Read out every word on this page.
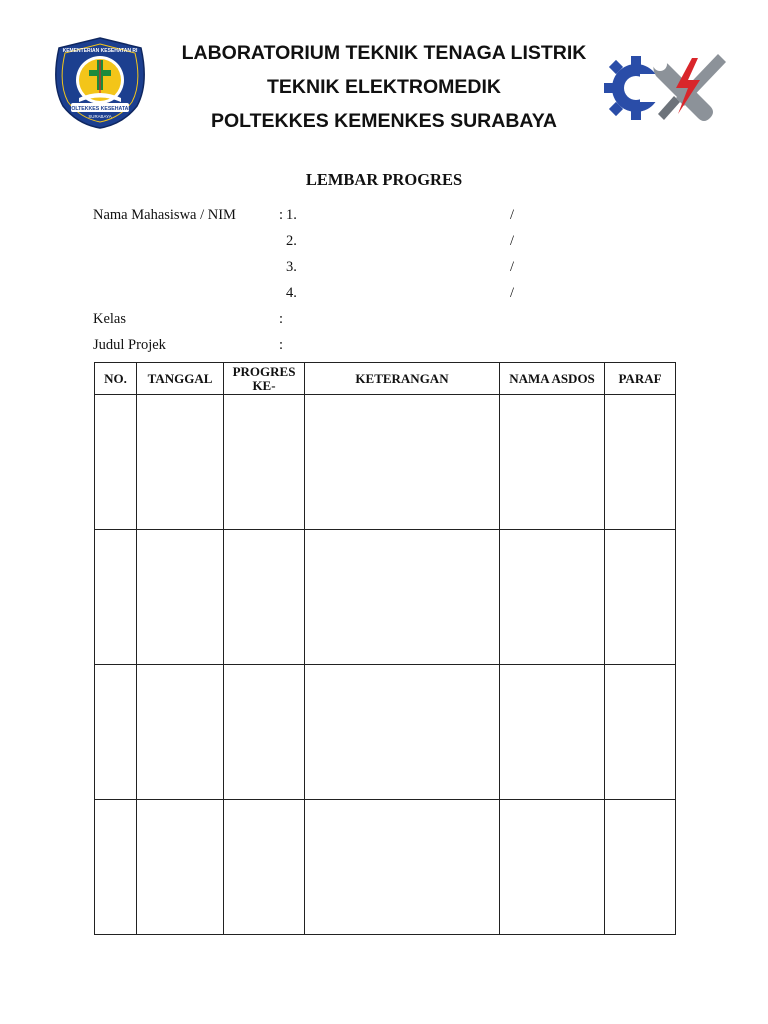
POLTEKKES KESEHATAN
SURABAYA
KEMENTERIAN KESEHATAN RI	LABORATORIUM TEKNIK TENAGA LISTRIK
TEKNIK ELEKTROMEDIK
POLTEKKES KEMENKES SURABAYA
LEMBAR PROGRES
Nama Mahasiswa / NIM	: 1.	/
2.	/
3.	/
4.	/
Kelas	:
Judul Projek	:
NO.	TANGGAL	PROGRES KE-	KETERANGAN	NAMA ASDOS	PARAF
